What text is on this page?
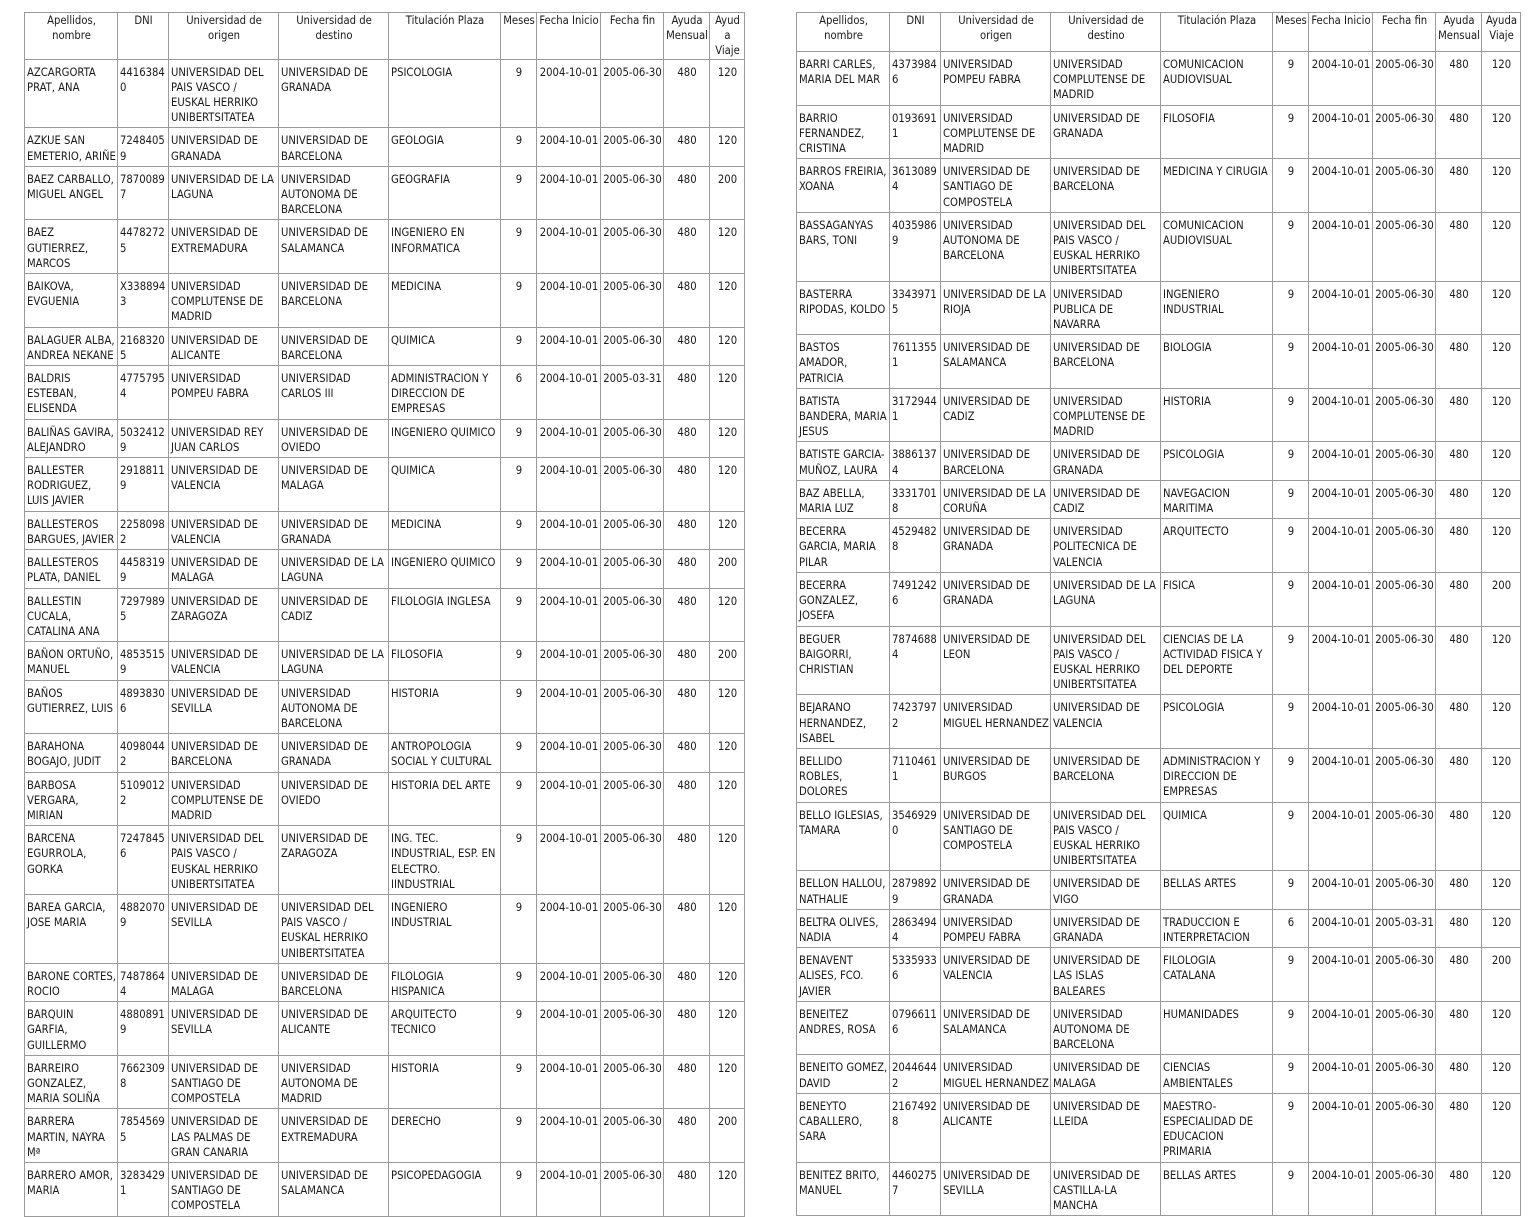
Apellidos, nombre	DNI	Universidad de origen	Universidad de destino	Titulación Plaza	Meses	Fecha Inicio	Fecha fin	Ayuda Mensual	Ayuda Viaje
AZCARGORTA PRAT, ANA	44163840	UNIVERSIDAD DEL PAIS VASCO / EUSKAL HERRIKO UNIBERTSITATEA	UNIVERSIDAD DE GRANADA	PSICOLOGIA	9	2004-10-01	2005-06-30	480	120
AZKUE SAN EMETERIO, ARIÑE	72484059	UNIVERSIDAD DE GRANADA	UNIVERSIDAD DE BARCELONA	GEOLOGIA	9	2004-10-01	2005-06-30	480	120
BAEZ CARBALLO, MIGUEL ANGEL	78700897	UNIVERSIDAD DE LA LAGUNA	UNIVERSIDAD AUTONOMA DE BARCELONA	GEOGRAFIA	9	2004-10-01	2005-06-30	480	200
BAEZ GUTIERREZ, MARCOS	44782725	UNIVERSIDAD DE EXTREMADURA	UNIVERSIDAD DE SALAMANCA	INGENIERO EN INFORMATICA	9	2004-10-01	2005-06-30	480	120
BAIKOVA, EVGUENIA	X3388943	UNIVERSIDAD COMPLUTENSE DE MADRID	UNIVERSIDAD DE BARCELONA	MEDICINA	9	2004-10-01	2005-06-30	480	120
BALAGUER ALBA, ANDREA NEKANE	21683205	UNIVERSIDAD DE ALICANTE	UNIVERSIDAD DE BARCELONA	QUIMICA	9	2004-10-01	2005-06-30	480	120
BALDRIS ESTEBAN, ELISENDA	47757954	UNIVERSIDAD POMPEU FABRA	UNIVERSIDAD CARLOS III	ADMINISTRACION Y DIRECCION DE EMPRESAS	6	2004-10-01	2005-03-31	480	120
BALIÑAS GAVIRA, ALEJANDRO	50324129	UNIVERSIDAD REY JUAN CARLOS	UNIVERSIDAD DE OVIEDO	INGENIERO QUIMICO	9	2004-10-01	2005-06-30	480	120
BALLESTER RODRIGUEZ, LUIS JAVIER	29188119	UNIVERSIDAD DE VALENCIA	UNIVERSIDAD DE MALAGA	QUIMICA	9	2004-10-01	2005-06-30	480	120
BALLESTEROS BARGUES, JAVIER	22580982	UNIVERSIDAD DE VALENCIA	UNIVERSIDAD DE GRANADA	MEDICINA	9	2004-10-01	2005-06-30	480	120
BALLESTEROS PLATA, DANIEL	44583199	UNIVERSIDAD DE MALAGA	UNIVERSIDAD DE LA LAGUNA	INGENIERO QUIMICO	9	2004-10-01	2005-06-30	480	200
BALLESTIN CUCALA, CATALINA ANA	72979895	UNIVERSIDAD DE ZARAGOZA	UNIVERSIDAD DE CADIZ	FILOLOGIA INGLESA	9	2004-10-01	2005-06-30	480	120
BAÑON ORTUÑO, MANUEL	48535159	UNIVERSIDAD DE VALENCIA	UNIVERSIDAD DE LA LAGUNA	FILOSOFIA	9	2004-10-01	2005-06-30	480	200
BAÑOS GUTIERREZ, LUIS	48938306	UNIVERSIDAD DE SEVILLA	UNIVERSIDAD AUTONOMA DE BARCELONA	HISTORIA	9	2004-10-01	2005-06-30	480	120
BARAHONA BOGAJO, JUDIT	40980442	UNIVERSIDAD DE BARCELONA	UNIVERSIDAD DE GRANADA	ANTROPOLOGIA SOCIAL Y CULTURAL	9	2004-10-01	2005-06-30	480	120
BARBOSA VERGARA, MIRIAN	51090122	UNIVERSIDAD COMPLUTENSE DE MADRID	UNIVERSIDAD DE OVIEDO	HISTORIA DEL ARTE	9	2004-10-01	2005-06-30	480	120
BARCENA EGURROLA, GORKA	72478456	UNIVERSIDAD DEL PAIS VASCO / EUSKAL HERRIKO UNIBERTSITATEA	UNIVERSIDAD DE ZARAGOZA	ING. TEC. INDUSTRIAL, ESP. EN ELECTRO. IINDUSTRIAL	9	2004-10-01	2005-06-30	480	120
BAREA GARCIA, JOSE MARIA	48820709	UNIVERSIDAD DE SEVILLA	UNIVERSIDAD DEL PAIS VASCO / EUSKAL HERRIKO UNIBERTSITATEA	INGENIERO INDUSTRIAL	9	2004-10-01	2005-06-30	480	120
BARONE CORTES, ROCIO	74878644	UNIVERSIDAD DE MALAGA	UNIVERSIDAD DE BARCELONA	FILOLOGIA HISPANICA	9	2004-10-01	2005-06-30	480	120
BARQUIN GARFIA, GUILLERMO	48808919	UNIVERSIDAD DE SEVILLA	UNIVERSIDAD DE ALICANTE	ARQUITECTO TECNICO	9	2004-10-01	2005-06-30	480	120
BARREIRO GONZALEZ, MARIA SOLIÑA	76623098	UNIVERSIDAD DE SANTIAGO DE COMPOSTELA	UNIVERSIDAD AUTONOMA DE MADRID	HISTORIA	9	2004-10-01	2005-06-30	480	120
BARRERA MARTIN, NAYRA Mª	78545695	UNIVERSIDAD DE LAS PALMAS DE GRAN CANARIA	UNIVERSIDAD DE EXTREMADURA	DERECHO	9	2004-10-01	2005-06-30	480	200
BARRERO AMOR, MARIA	32834291	UNIVERSIDAD DE SANTIAGO DE COMPOSTELA	UNIVERSIDAD DE SALAMANCA	PSICOPEDAGOGIA	9	2004-10-01	2005-06-30	480	120
Apellidos, nombre	DNI	Universidad de origen	Universidad de destino	Titulación Plaza	Meses	Fecha Inicio	Fecha fin	Ayuda Mensual	Ayuda Viaje
BARRI CARLES, MARIA DEL MAR	43739846	UNIVERSIDAD POMPEU FABRA	UNIVERSIDAD COMPLUTENSE DE MADRID	COMUNICACION AUDIOVISUAL	9	2004-10-01	2005-06-30	480	120
BARRIO FERNANDEZ, CRISTINA	01936911	UNIVERSIDAD COMPLUTENSE DE MADRID	UNIVERSIDAD DE GRANADA	FILOSOFIA	9	2004-10-01	2005-06-30	480	120
BARROS FREIRIA, XOANA	36130894	UNIVERSIDAD DE SANTIAGO DE COMPOSTELA	UNIVERSIDAD DE BARCELONA	MEDICINA Y CIRUGIA	9	2004-10-01	2005-06-30	480	120
BASSAGANYAS BARS, TONI	40359869	UNIVERSIDAD AUTONOMA DE BARCELONA	UNIVERSIDAD DEL PAIS VASCO / EUSKAL HERRIKO UNIBERTSITATEA	COMUNICACION AUDIOVISUAL	9	2004-10-01	2005-06-30	480	120
BASTERRA RIPODAS, KOLDO	33439715	UNIVERSIDAD DE LA RIOJA	UNIVERSIDAD PUBLICA DE NAVARRA	INGENIERO INDUSTRIAL	9	2004-10-01	2005-06-30	480	120
BASTOS AMADOR, PATRICIA	76113551	UNIVERSIDAD DE SALAMANCA	UNIVERSIDAD DE BARCELONA	BIOLOGIA	9	2004-10-01	2005-06-30	480	120
BATISTA BANDERA, MARIA JESUS	31729441	UNIVERSIDAD DE CADIZ	UNIVERSIDAD COMPLUTENSE DE MADRID	HISTORIA	9	2004-10-01	2005-06-30	480	120
BATISTE GARCIA-MUÑOZ, LAURA	38861374	UNIVERSIDAD DE BARCELONA	UNIVERSIDAD DE GRANADA	PSICOLOGIA	9	2004-10-01	2005-06-30	480	120
BAZ ABELLA, MARIA LUZ	33317018	UNIVERSIDAD DE LA CORUÑA	UNIVERSIDAD DE CADIZ	NAVEGACION MARITIMA	9	2004-10-01	2005-06-30	480	120
BECERRA GARCIA, MARIA PILAR	45294828	UNIVERSIDAD DE GRANADA	UNIVERSIDAD POLITECNICA DE VALENCIA	ARQUITECTO	9	2004-10-01	2005-06-30	480	120
BECERRA GONZALEZ, JOSEFA	74912426	UNIVERSIDAD DE GRANADA	UNIVERSIDAD DE LA LAGUNA	FISICA	9	2004-10-01	2005-06-30	480	200
BEGUER BAIGORRI, CHRISTIAN	78746884	UNIVERSIDAD DE LEON	UNIVERSIDAD DEL PAIS VASCO / EUSKAL HERRIKO UNIBERTSITATEA	CIENCIAS DE LA ACTIVIDAD FISICA Y DEL DEPORTE	9	2004-10-01	2005-06-30	480	120
BEJARANO HERNANDEZ, ISABEL	74237972	UNIVERSIDAD MIGUEL HERNANDEZ	UNIVERSIDAD DE VALENCIA	PSICOLOGIA	9	2004-10-01	2005-06-30	480	120
BELLIDO ROBLES, DOLORES	71104611	UNIVERSIDAD DE BURGOS	UNIVERSIDAD DE BARCELONA	ADMINISTRACION Y DIRECCION DE EMPRESAS	9	2004-10-01	2005-06-30	480	120
BELLO IGLESIAS, TAMARA	35469290	UNIVERSIDAD DE SANTIAGO DE COMPOSTELA	UNIVERSIDAD DEL PAIS VASCO / EUSKAL HERRIKO UNIBERTSITATEA	QUIMICA	9	2004-10-01	2005-06-30	480	120
BELLON HALLOU, NATHALIE	28798929	UNIVERSIDAD DE GRANADA	UNIVERSIDAD DE VIGO	BELLAS ARTES	9	2004-10-01	2005-06-30	480	120
BELTRA OLIVES, NADIA	28634944	UNIVERSIDAD POMPEU FABRA	UNIVERSIDAD DE GRANADA	TRADUCCION E INTERPRETACION	6	2004-10-01	2005-03-31	480	120
BENAVENT ALISES, FCO. JAVIER	53359336	UNIVERSIDAD DE VALENCIA	UNIVERSIDAD DE LAS ISLAS BALEARES	FILOLOGIA CATALANA	9	2004-10-01	2005-06-30	480	200
BENEITEZ ANDRES, ROSA	07966116	UNIVERSIDAD DE SALAMANCA	UNIVERSIDAD AUTONOMA DE BARCELONA	HUMANIDADES	9	2004-10-01	2005-06-30	480	120
BENEITO GOMEZ, DAVID	20446442	UNIVERSIDAD MIGUEL HERNANDEZ	UNIVERSIDAD DE MALAGA	CIENCIAS AMBIENTALES	9	2004-10-01	2005-06-30	480	120
BENEYTO CABALLERO, SARA	21674928	UNIVERSIDAD DE ALICANTE	UNIVERSIDAD DE LLEIDA	MAESTRO-ESPECIALIDAD DE EDUCACION PRIMARIA	9	2004-10-01	2005-06-30	480	120
BENITEZ BRITO, MANUEL	44602757	UNIVERSIDAD DE SEVILLA	UNIVERSIDAD DE CASTILLA-LA MANCHA	BELLAS ARTES	9	2004-10-01	2005-06-30	480	120
